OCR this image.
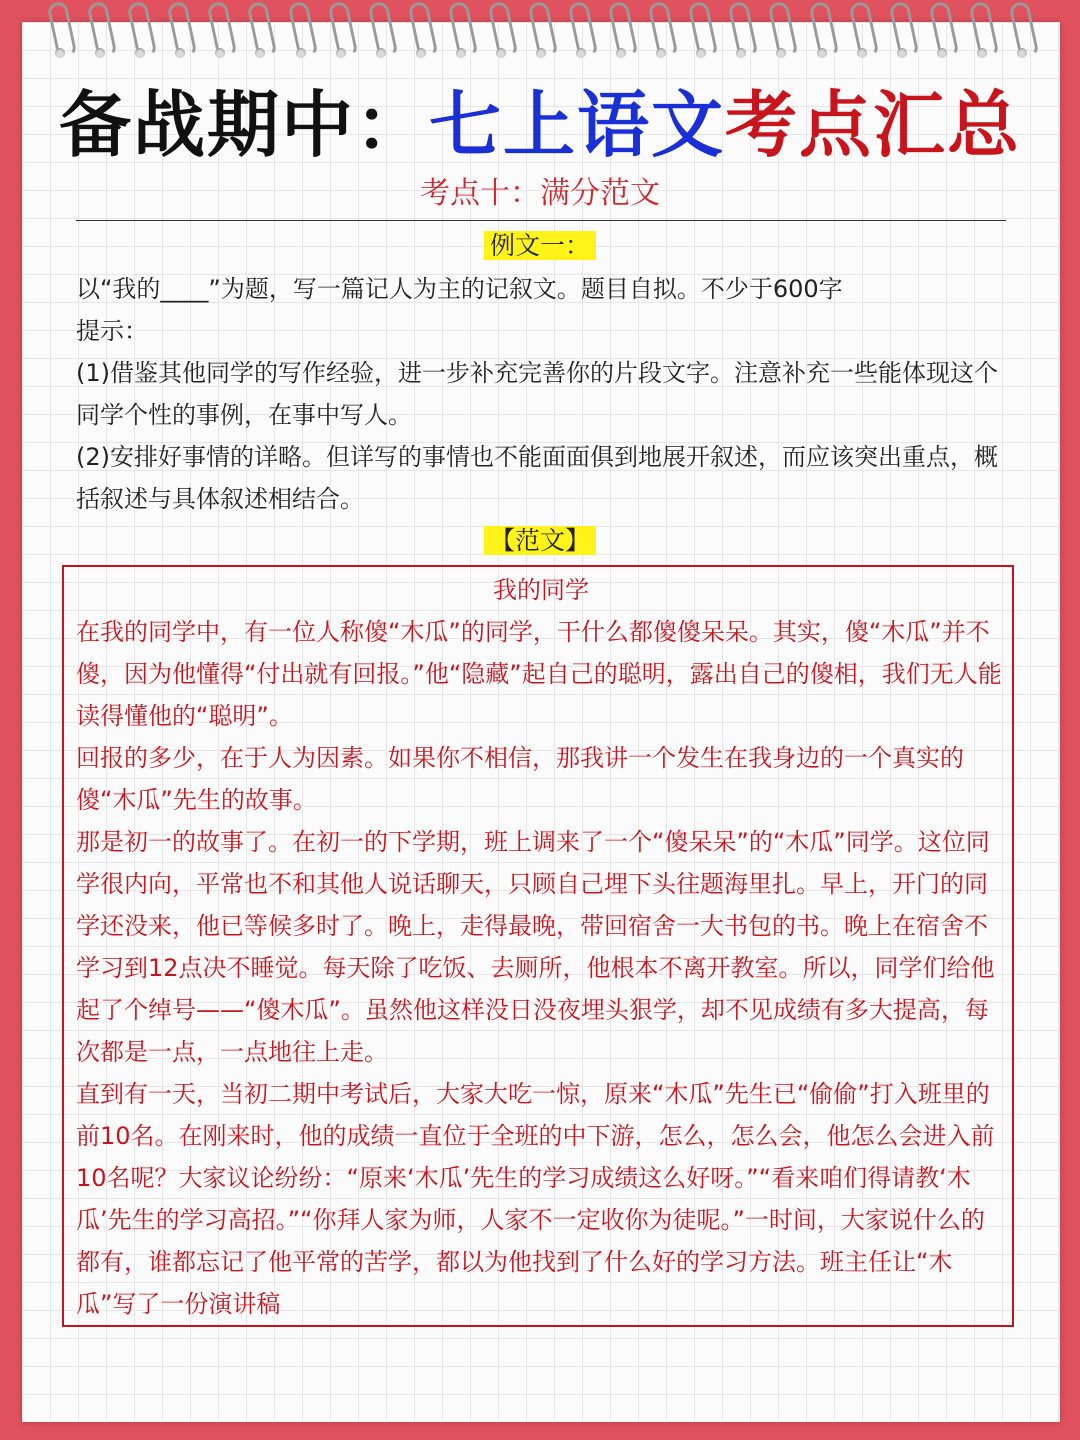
备战期中：七上语文考点汇总
考点十：满分范文
例文一：

以“我的____”为题，写一篇记人为主的记叙文。题目自拟。不少于600字

提示：

(1)借鉴其他同学的写作经验，进一步补充完善你的片段文字。注意补充一些能体现这个同学个性的事例，在事中写人。

(2)安排好事情的详略。但详写的事情也不能面面俱到地展开叙述，而应该突出重点，概括叙述与具体叙述相结合。

【范文】

我的同学

在我的同学中，有一位人称傻“木瓜”的同学，干什么都傻傻呆呆。其实，傻“木瓜”并不傻，因为他懂得“付出就有回报。”他“隐藏”起自己的聪明，露出自己的傻相，我们无人能读得懂他的“聪明”。

回报的多少，在于人为因素。如果你不相信，那我讲一个发生在我身边的一个真实的傻“木瓜”先生的故事。

那是初一的故事了。在初一的下学期，班上调来了一个“傻呆呆”的“木瓜”同学。这位同学很内向，平常也不和其他人说话聊天，只顾自己埋下头往题海里扎。早上，开门的同学还没来，他已等候多时了。晚上，走得最晚，带回宿舍一大书包的书。晚上在宿舍不学习到12点决不睡觉。每天除了吃饭、去厕所，他根本不离开教室。所以，同学们给他起了个绰号——“傻木瓜”。虽然他这样没日没夜埋头狠学，却不见成绩有多大提高，每次都是一点，一点地往上走。

直到有一天，当初二期中考试后，大家大吃一惊，原来“木瓜”先生已“偷偷”打入班里的前10名。在刚来时，他的成绩一直位于全班的中下游，怎么，怎么会，他怎么会进入前10名呢？大家议论纷纷：“原来‘木瓜’先生的学习成绩这么好呀。”“看来咱们得请教‘木瓜’先生的学习高招。”“你拜人家为师，人家不一定收你为徒呢。”一时间，大家说什么的都有，谁都忘记了他平常的苦学，都以为他找到了什么好的学习方法。班主任让“木瓜”写了一份演讲稿
